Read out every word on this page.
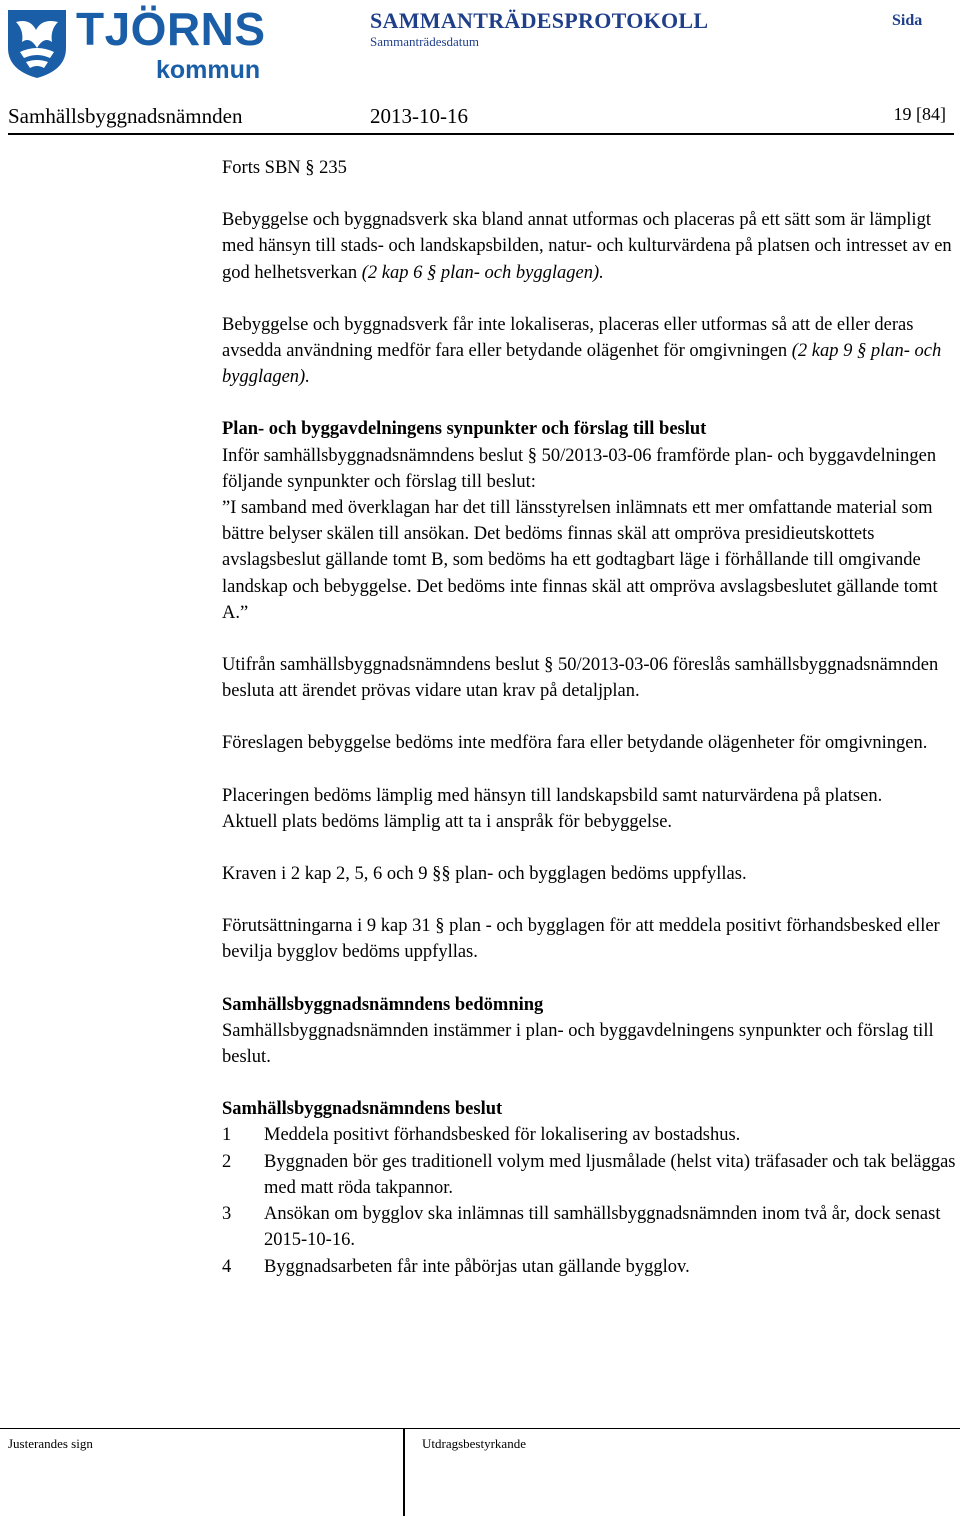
TJÖRNS
kommun
SAMMANTRÄDESPROTOKOLL
Sammanträdesdatum
Sida
Samhällsbyggnadsnämnden	2013-10-16	19 [84]

Forts SBN § 235

Bebyggelse och byggnadsverk ska bland annat utformas och placeras på ett sätt som är lämpligt med hänsyn till stads- och landskapsbilden, natur- och kulturvärdena på platsen och intresset av en god helhetsverkan (2 kap 6 § plan- och bygglagen).

Bebyggelse och byggnadsverk får inte lokaliseras, placeras eller utformas så att de eller deras avsedda användning medför fara eller betydande olägenhet för omgivningen (2 kap 9 § plan- och bygglagen).

Plan- och byggavdelningens synpunkter och förslag till beslut
Inför samhällsbyggnadsnämndens beslut § 50/2013-03-06 framförde plan- och byggavdelningen följande synpunkter och förslag till beslut:
”I samband med överklagan har det till länsstyrelsen inlämnats ett mer omfattande material som bättre belyser skälen till ansökan. Det bedöms finnas skäl att ompröva presidieutskottets avslagsbeslut gällande tomt B, som bedöms ha ett godtagbart läge i förhållande till omgivande landskap och bebyggelse. Det bedöms inte finnas skäl att ompröva avslagsbeslutet gällande tomt A.”

Utifrån samhällsbyggnadsnämndens beslut § 50/2013-03-06 föreslås samhällsbyggnadsnämnden besluta att ärendet prövas vidare utan krav på detaljplan.

Föreslagen bebyggelse bedöms inte medföra fara eller betydande olägenheter för omgivningen.

Placeringen bedöms lämplig med hänsyn till landskapsbild samt naturvärdena på platsen.

Aktuell plats bedöms lämplig att ta i anspråk för bebyggelse.

Kraven i 2 kap 2, 5, 6 och 9 §§ plan- och bygglagen bedöms uppfyllas.

Förutsättningarna i 9 kap 31 § plan - och bygglagen för att meddela positivt förhandsbesked eller bevilja bygglov bedöms uppfyllas.

Samhällsbyggnadsnämndens bedömning
Samhällsbyggnadsnämnden instämmer i plan- och byggavdelningens synpunkter och förslag till beslut.

Samhällsbyggnadsnämndens beslut
1 Meddela positivt förhandsbesked för lokalisering av bostadshus.
2 Byggnaden bör ges traditionell volym med ljusmålade (helst vita) träfasader och tak beläggas med matt röda takpannor.
3 Ansökan om bygglov ska inlämnas till samhällsbyggnadsnämnden inom två år, dock senast 2015-10-16.
4 Byggnadsarbeten får inte påbörjas utan gällande bygglov.
Justerandes sign	Utdragsbestyrkande
